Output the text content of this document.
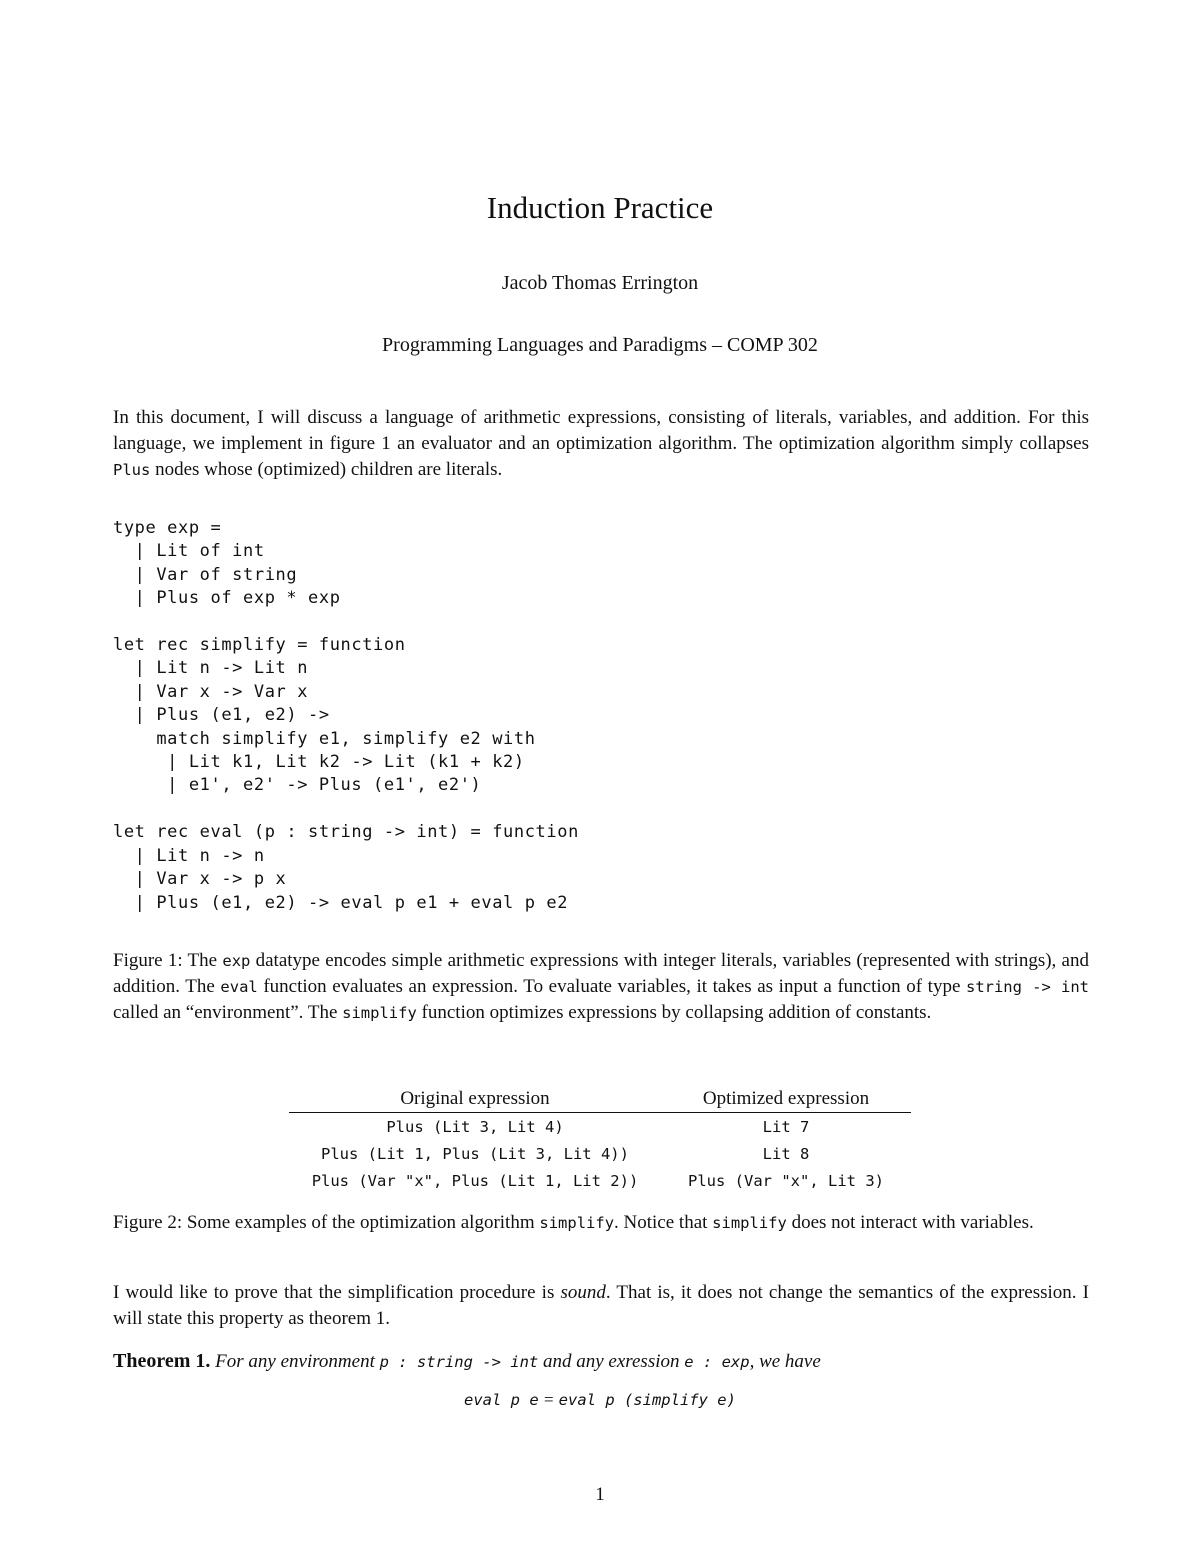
Induction Practice
Jacob Thomas Errington
Programming Languages and Paradigms – COMP 302

In this document, I will discuss a language of arithmetic expressions, consisting of literals, variables, and addition. For this language, we implement in figure 1 an evaluator and an optimization algorithm. The optimization algorithm simply collapses Plus nodes whose (optimized) children are literals.

type exp =
| Lit of int
| Var of string
| Plus of exp * exp

let rec simplify = function
| Lit n -> Lit n
| Var x -> Var x
| Plus (e1, e2) ->
match simplify e1, simplify e2 with
| Lit k1, Lit k2 -> Lit (k1 + k2)
| e1', e2' -> Plus (e1', e2')

let rec eval (p : string -> int) = function
| Lit n -> n
| Var x -> p x
| Plus (e1, e2) -> eval p e1 + eval p e2

Figure 1: The exp datatype encodes simple arithmetic expressions with integer literals, variables (represented with strings), and addition. The eval function evaluates an expression. To evaluate variables, it takes as input a function of type string -> int called an “environment”. The simplify function optimizes expressions by collapsing addition of constants.

Original expression	Optimized expression
Plus (Lit 3, Lit 4)	Lit 7
Plus (Lit 1, Plus (Lit 3, Lit 4))	Lit 8
Plus (Var "x", Plus (Lit 1, Lit 2))	Plus (Var "x", Lit 3)

Figure 2: Some examples of the optimization algorithm simplify. Notice that simplify does not interact with variables.

I would like to prove that the simplification procedure is sound. That is, it does not change the semantics of the expression. I will state this property as theorem 1.

Theorem 1. For any environment p : string -> int and any exression e : exp, we have

eval p e = eval p (simplify e)
1
